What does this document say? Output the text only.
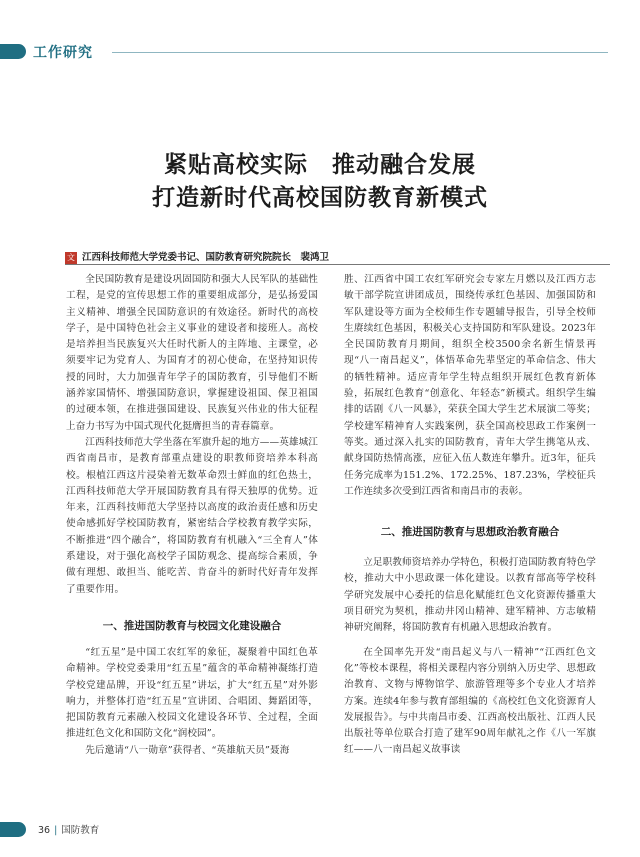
工作研究
紧贴高校实际　推动融合发展
打造新时代高校国防教育新模式
文 江西科技师范大学党委书记、国防教育研究院院长　裴鸿卫

全民国防教育是建设巩固国防和强大人民军队的基础性工程，是党的宣传思想工作的重要组成部分，是弘扬爱国主义精神、增强全民国防意识的有效途径。新时代的高校学子，是中国特色社会主义事业的建设者和接班人。高校是培养担当民族复兴大任时代新人的主阵地、主课堂，必须要牢记为党育人、为国育才的初心使命，在坚持知识传授的同时，大力加强青年学子的国防教育，引导他们不断涵养家国情怀、增强国防意识，掌握建设祖国、保卫祖国的过硬本领，在推进强国建设、民族复兴伟业的伟大征程上奋力书写为中国式现代化挺膺担当的青春篇章。

江西科技师范大学坐落在军旗升起的地方——英雄城江西省南昌市，是教育部重点建设的职教师资培养本科高校。根植江西这片浸染着无数革命烈士鲜血的红色热土，江西科技师范大学开展国防教育具有得天独厚的优势。近年来，江西科技师范大学坚持以高度的政治责任感和历史使命感抓好学校国防教育，紧密结合学校教育教学实际，不断推进“四个融合”，将国防教育有机融入“三全育人”体系建设，对于强化高校学子国防观念、提高综合素质，争做有理想、敢担当、能吃苦、肯奋斗的新时代好青年发挥了重要作用。

一、推进国防教育与校园文化建设融合

“红五星”是中国工农红军的象征，凝聚着中国红色革命精神。学校党委秉用“红五星”蕴含的革命精神凝练打造学校党建品牌，开设“红五星”讲坛，扩大“红五星”对外影响力，并整体打造“红五星”宣讲团、合唱团、舞蹈团等，把国防教育元素融入校园文化建设各环节、全过程，全面推进红色文化和国防文化“润校园”。

先后邀请“八一勋章”获得者、“英雄航天员”聂海

胜、江西省中国工农红军研究会专家左月燃以及江西方志敏干部学院宣讲团成员，围绕传承红色基因、加强国防和军队建设等方面为全校师生作专题辅导报告，引导全校师生赓续红色基因，积极关心支持国防和军队建设。2023年全民国防教育月期间，组织全校3500余名新生情景再现“八一南昌起义”，体悟革命先辈坚定的革命信念、伟大的牺牲精神。适应青年学生特点组织开展红色教育新体验，拓展红色教育“创意化、年轻态”新模式。组织学生编排的话剧《八一风暴》，荣获全国大学生艺术展演二等奖；学校建军精神育人实践案例，获全国高校思政工作案例一等奖。通过深入扎实的国防教育，青年大学生携笔从戎、献身国防热情高涨，应征入伍人数连年攀升。近3年，征兵任务完成率为151.2%、172.25%、187.23%，学校征兵工作连续多次受到江西省和南昌市的表彰。

二、推进国防教育与思想政治教育融合

立足职教师资培养办学特色，积极打造国防教育特色学校，推动大中小思政课一体化建设。以教育部高等学校科学研究发展中心委托的信息化赋能红色文化资源传播重大项目研究为契机，推动井冈山精神、建军精神、方志敏精神研究阐释，将国防教育有机融入思想政治教育。

在全国率先开发“南昌起义与八一精神”“江西红色文化”等校本课程，将相关课程内容分别纳入历史学、思想政治教育、文物与博物馆学、旅游管理等多个专业人才培养方案。连续4年参与教育部组编的《高校红色文化资源育人发展报告》。与中共南昌市委、江西高校出版社、江西人民出版社等单位联合打造了建军90周年献礼之作《八一军旗红——八一南昌起义故事读

36 | 国防教育
